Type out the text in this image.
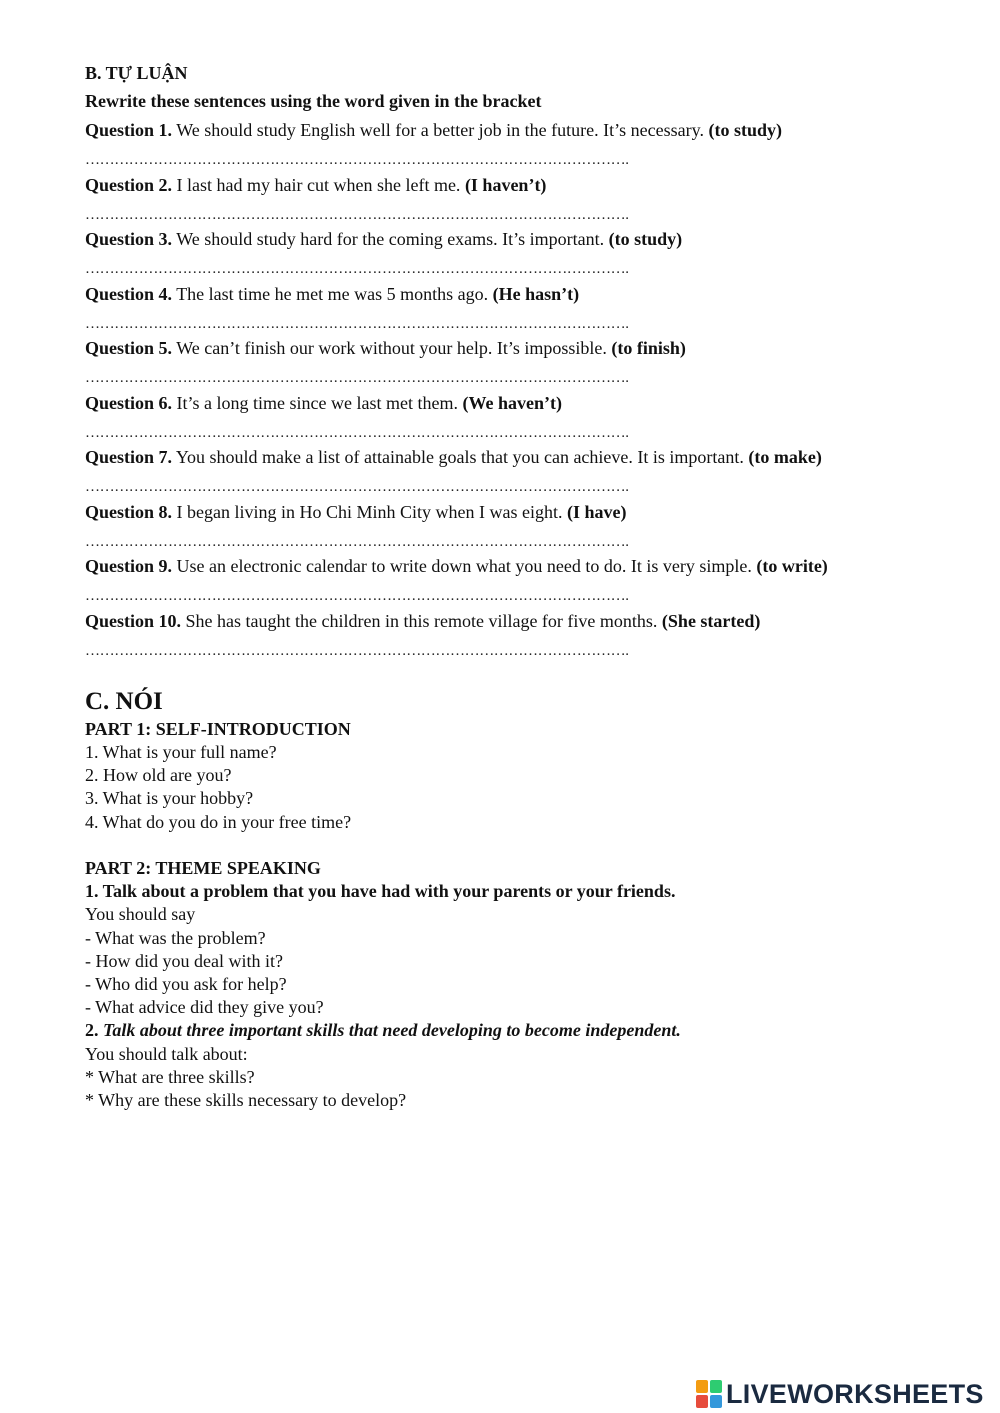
B. TỰ LUẬN
Rewrite these sentences using the word given in the bracket
Question 1. We should study English well for a better job in the future. It’s necessary. (to study)
………………………………………………………………………………………………….
Question 2. I last had my hair cut when she left me. (I haven’t)
………………………………………………………………………………………………….
Question 3. We should study hard for the coming exams. It’s important. (to study)
………………………………………………………………………………………………….
Question 4. The last time he met me was 5 months ago. (He hasn’t)
………………………………………………………………………………………………….
Question 5. We can’t finish our work without your help. It’s impossible. (to finish)
………………………………………………………………………………………………….
Question 6. It’s a long time since we last met them. (We haven’t)
………………………………………………………………………………………………….
Question 7. You should make a list of attainable goals that you can achieve. It is important. (to make)
………………………………………………………………………………………………….
Question 8. I began living in Ho Chi Minh City when I was eight. (I have)
………………………………………………………………………………………………….
Question 9. Use an electronic calendar to write down what you need to do. It is very simple. (to write)
………………………………………………………………………………………………….
Question 10. She has taught the children in this remote village for five months. (She started)
………………………………………………………………………………………………….
C. NÓI
PART 1: SELF-INTRODUCTION
1. What is your full name?
2. How old are you?
3. What is your hobby?
4. What do you do in your free time?
PART 2: THEME SPEAKING
1. Talk about a problem that you have had with your parents or your friends.
You should say
- What was the problem?
- How did you deal with it?
- Who did you ask for help?
- What advice did they give you?
2. Talk about three important skills that need developing to become independent.
You should talk about:
* What are three skills?
* Why are these skills necessary to develop?
LIVEWORKSHEETS
